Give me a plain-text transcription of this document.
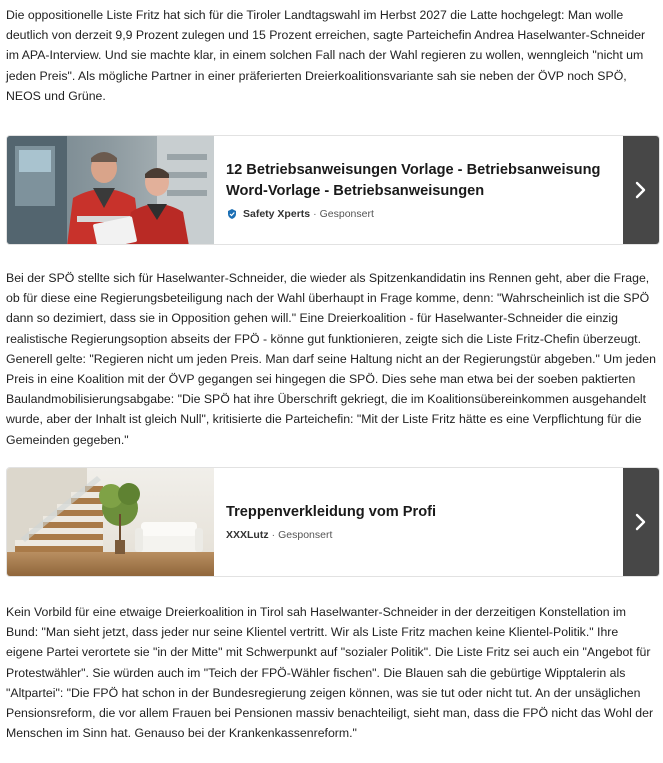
Die oppositionelle Liste Fritz hat sich für die Tiroler Landtagswahl im Herbst 2027 die Latte hochgelegt: Man wolle deutlich von derzeit 9,9 Prozent zulegen und 15 Prozent erreichen, sagte Parteichefin Andrea Haselwanter-Schneider im APA-Interview. Und sie machte klar, in einem solchen Fall nach der Wahl regieren zu wollen, wenngleich "nicht um jeden Preis". Als mögliche Partner in einer präferierten Dreierkoalitionsvariante sah sie neben der ÖVP noch SPÖ, NEOS und Grüne.

12 Betriebsanweisungen Vorlage - Betriebsanweisung Word-Vorlage - Betriebsanweisungen
Safety Xperts · Gesponsert

Bei der SPÖ stellte sich für Haselwanter-Schneider, die wieder als Spitzenkandidatin ins Rennen geht, aber die Frage, ob für diese eine Regierungsbeteiligung nach der Wahl überhaupt in Frage komme, denn: "Wahrscheinlich ist die SPÖ dann so dezimiert, dass sie in Opposition gehen will." Eine Dreierkoalition - für Haselwanter-Schneider die einzig realistische Regierungsoption abseits der FPÖ - könne gut funktionieren, zeigte sich die Liste Fritz-Chefin überzeugt. Generell gelte: "Regieren nicht um jeden Preis. Man darf seine Haltung nicht an der Regierungstür abgeben." Um jeden Preis in eine Koalition mit der ÖVP gegangen sei hingegen die SPÖ. Dies sehe man etwa bei der soeben paktierten Baulandmobilisierungsabgabe: "Die SPÖ hat ihre Überschrift gekriegt, die im Koalitionsübereinkommen ausgehandelt wurde, aber der Inhalt ist gleich Null", kritisierte die Parteichefin: "Mit der Liste Fritz hätte es eine Verpflichtung für die Gemeinden gegeben."

Treppenverkleidung vom Profi
XXXLutz · Gesponsert

Kein Vorbild für eine etwaige Dreierkoalition in Tirol sah Haselwanter-Schneider in der derzeitigen Konstellation im Bund: "Man sieht jetzt, dass jeder nur seine Klientel vertritt. Wir als Liste Fritz machen keine Klientel-Politik." Ihre eigene Partei verortete sie "in der Mitte" mit Schwerpunkt auf "sozialer Politik". Die Liste Fritz sei auch ein "Angebot für Protestwähler". Sie würden auch im "Teich der FPÖ-Wähler fischen". Die Blauen sah die gebürtige Wipptalerin als "Altpartei": "Die FPÖ hat schon in der Bundesregierung zeigen können, was sie tut oder nicht tut. An der unsäglichen Pensionsreform, die vor allem Frauen bei Pensionen massiv benachteiligt, sieht man, dass die FPÖ nicht das Wohl der Menschen im Sinn hat. Genauso bei der Krankenkassenreform."
